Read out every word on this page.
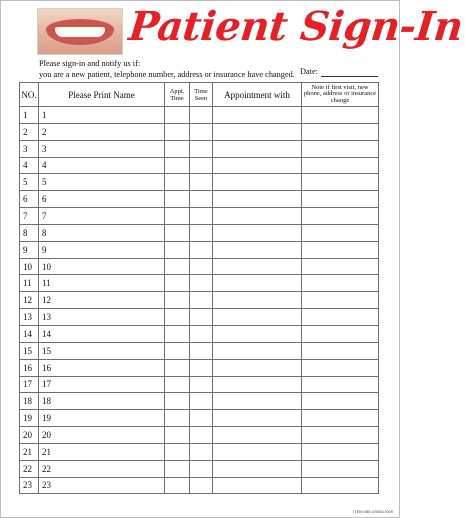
Patient Sign-In
Please sign-in and notify us if:
you are a new patient, telephone number, address or insurance have changed. Date:
NO.	Please Print Name	Appt. Time	Time Seen	Appointment with	Note if first visit, new phone, address or insurance change
1	1				
2	2				
3	3				
4	4				
5	5				
6	6				
7	7				
8	8				
9	9				
10	10				
11	11				
12	12				
13	13				
14	14				
15	15				
16	16				
17	17				
18	18				
19	19				
20	20				
21	21				
22	22				
23	23				
ITEM 080-4788/17009
